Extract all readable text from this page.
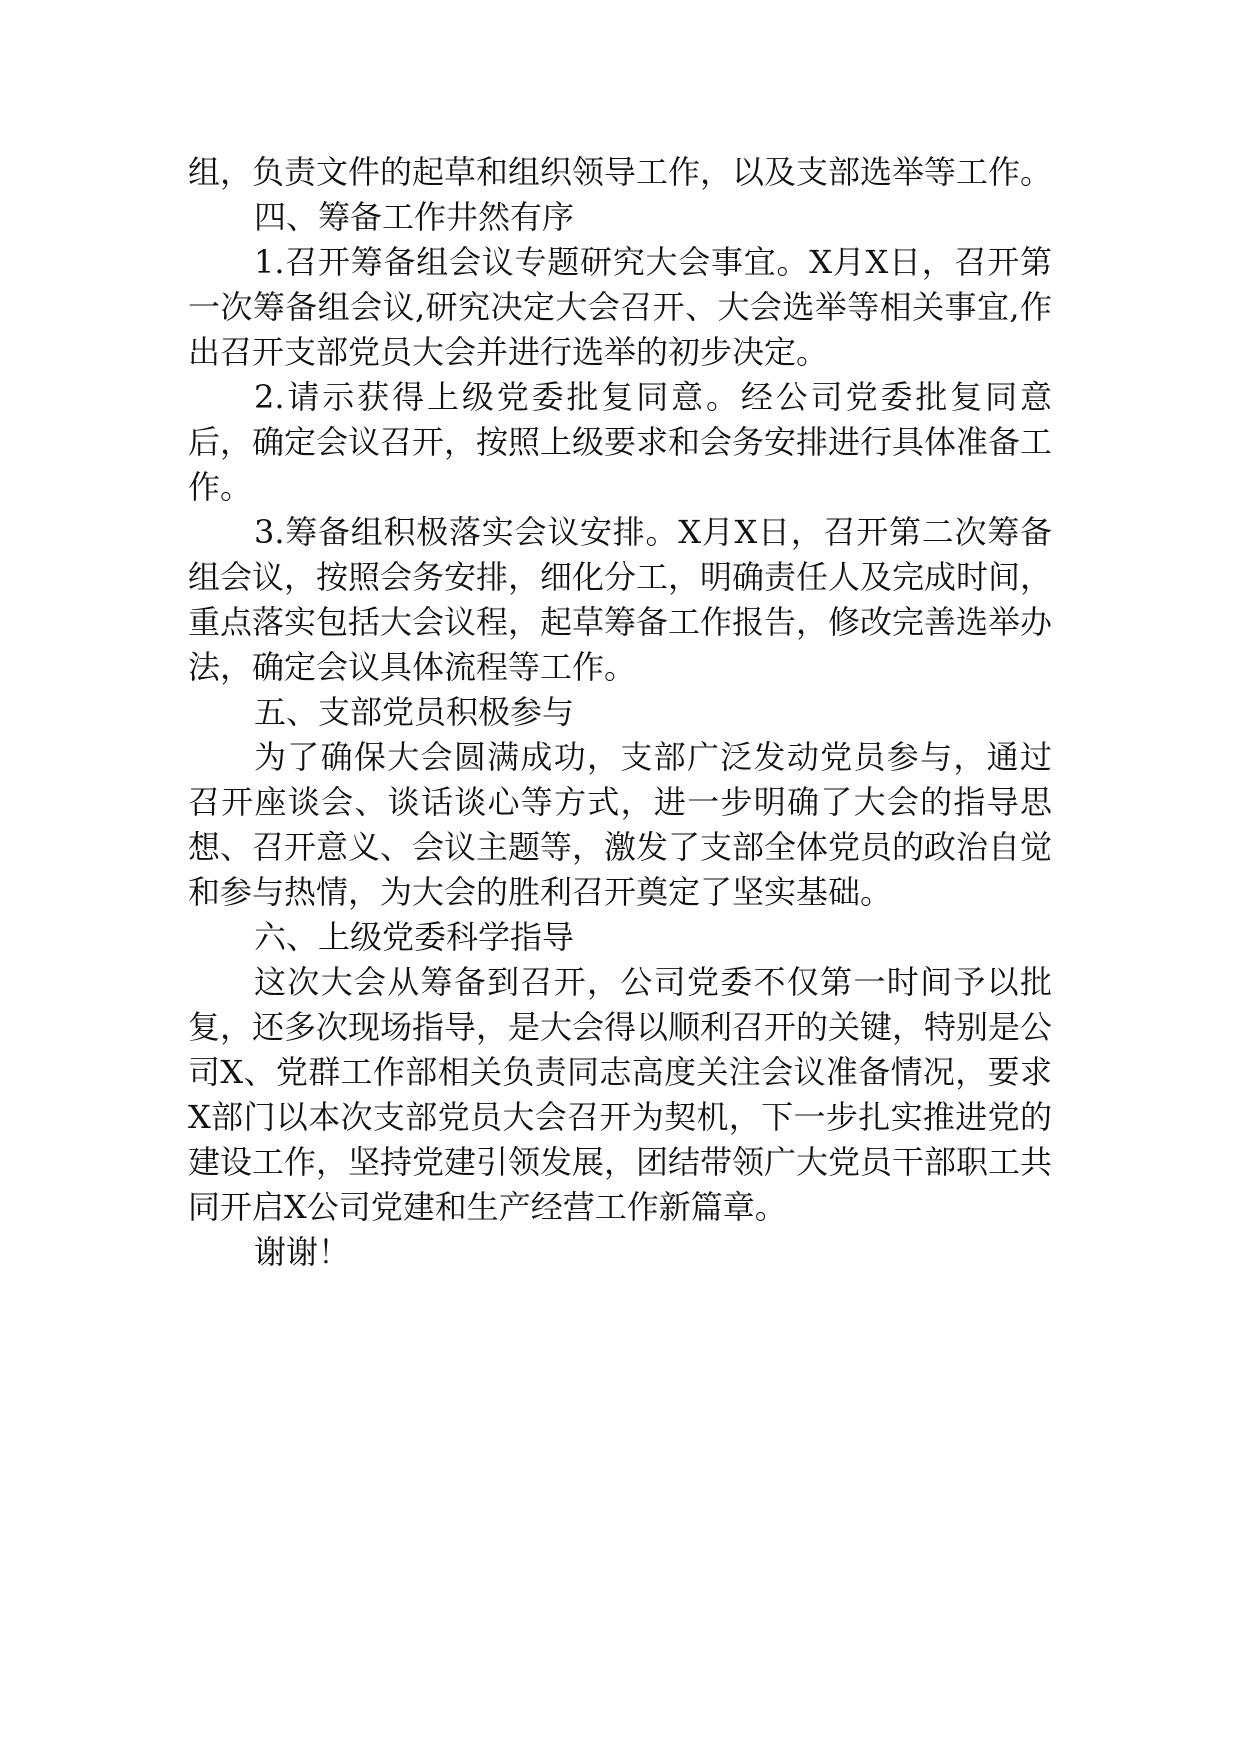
组，负责文件的起草和组织领导工作，以及支部选举等工作。

四、筹备工作井然有序

1.召开筹备组会议专题研究大会事宜。X月X日，召开第一次筹备组会议,研究决定大会召开、大会选举等相关事宜,作出召开支部党员大会并进行选举的初步决定。

2.请示获得上级党委批复同意。经公司党委批复同意后，确定会议召开，按照上级要求和会务安排进行具体准备工作。

3.筹备组积极落实会议安排。X月X日，召开第二次筹备组会议，按照会务安排，细化分工，明确责任人及完成时间，重点落实包括大会议程，起草筹备工作报告，修改完善选举办法，确定会议具体流程等工作。

五、支部党员积极参与

为了确保大会圆满成功，支部广泛发动党员参与，通过召开座谈会、谈话谈心等方式，进一步明确了大会的指导思想、召开意义、会议主题等，激发了支部全体党员的政治自觉和参与热情，为大会的胜利召开奠定了坚实基础。

六、上级党委科学指导

这次大会从筹备到召开，公司党委不仅第一时间予以批复，还多次现场指导，是大会得以顺利召开的关键，特别是公司X、党群工作部相关负责同志高度关注会议准备情况，要求X部门以本次支部党员大会召开为契机，下一步扎实推进党的建设工作，坚持党建引领发展，团结带领广大党员干部职工共同开启X公司党建和生产经营工作新篇章。

谢谢！
